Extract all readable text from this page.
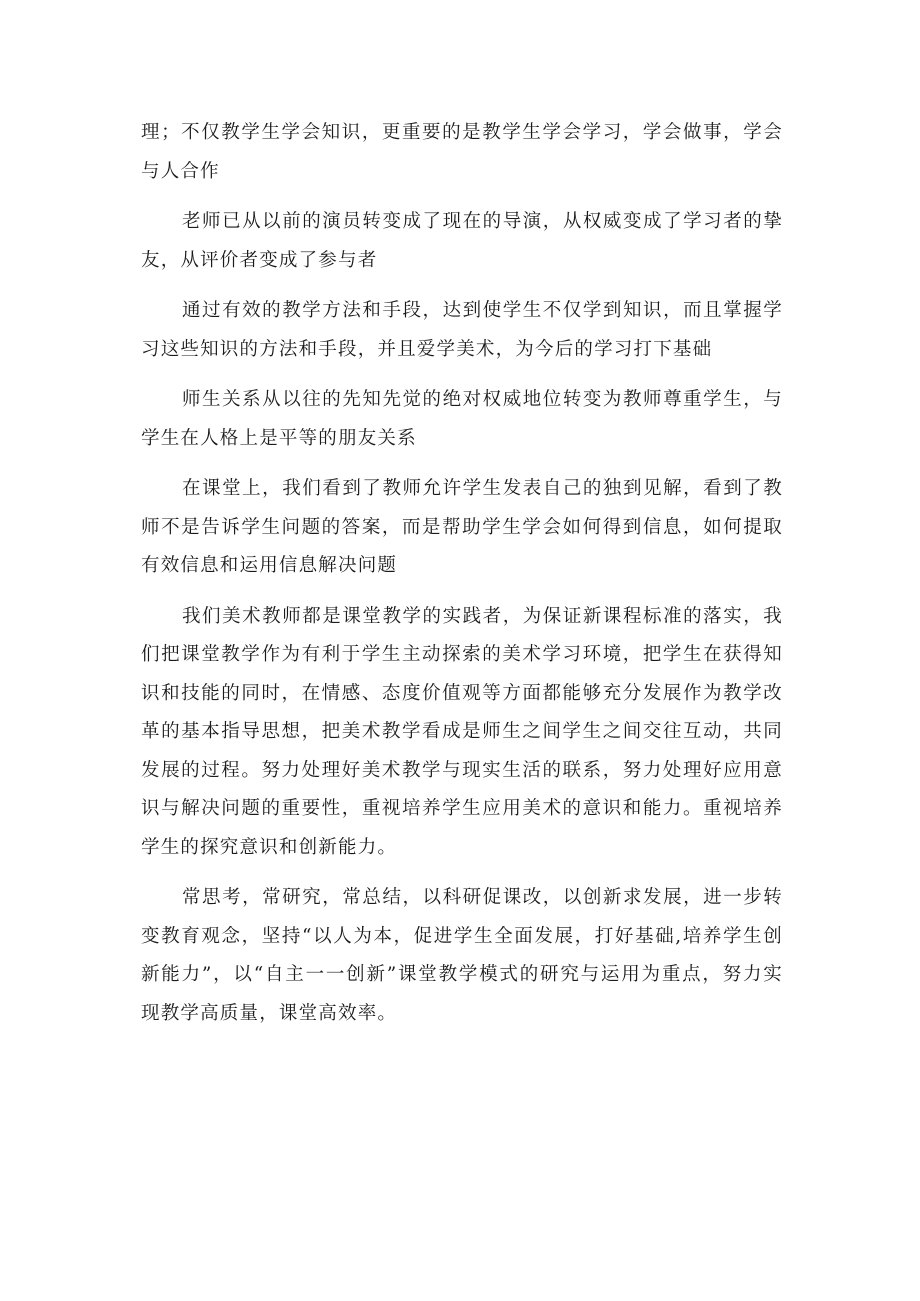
理；不仅教学生学会知识，更重要的是教学生学会学习，学会做事，学会与人合作

老师已从以前的演员转变成了现在的导演，从权威变成了学习者的挚友，从评价者变成了参与者

通过有效的教学方法和手段，达到使学生不仅学到知识，而且掌握学习这些知识的方法和手段，并且爱学美术，为今后的学习打下基础

师生关系从以往的先知先觉的绝对权威地位转变为教师尊重学生，与学生在人格上是平等的朋友关系

在课堂上，我们看到了教师允许学生发表自己的独到见解，看到了教师不是告诉学生问题的答案，而是帮助学生学会如何得到信息，如何提取有效信息和运用信息解决问题

我们美术教师都是课堂教学的实践者，为保证新课程标准的落实，我们把课堂教学作为有利于学生主动探索的美术学习环境，把学生在获得知识和技能的同时，在情感、态度价值观等方面都能够充分发展作为教学改革的基本指导思想，把美术教学看成是师生之间学生之间交往互动，共同发展的过程。努力处理好美术教学与现实生活的联系，努力处理好应用意识与解决问题的重要性，重视培养学生应用美术的意识和能力。重视培养学生的探究意识和创新能力。

常思考，常研究，常总结，以科研促课改，以创新求发展，进一步转变教育观念，坚持“以人为本，促进学生全面发展，打好基础,培养学生创新能力”，以“自主一一创新”课堂教学模式的研究与运用为重点，努力实现教学高质量，课堂高效率。
